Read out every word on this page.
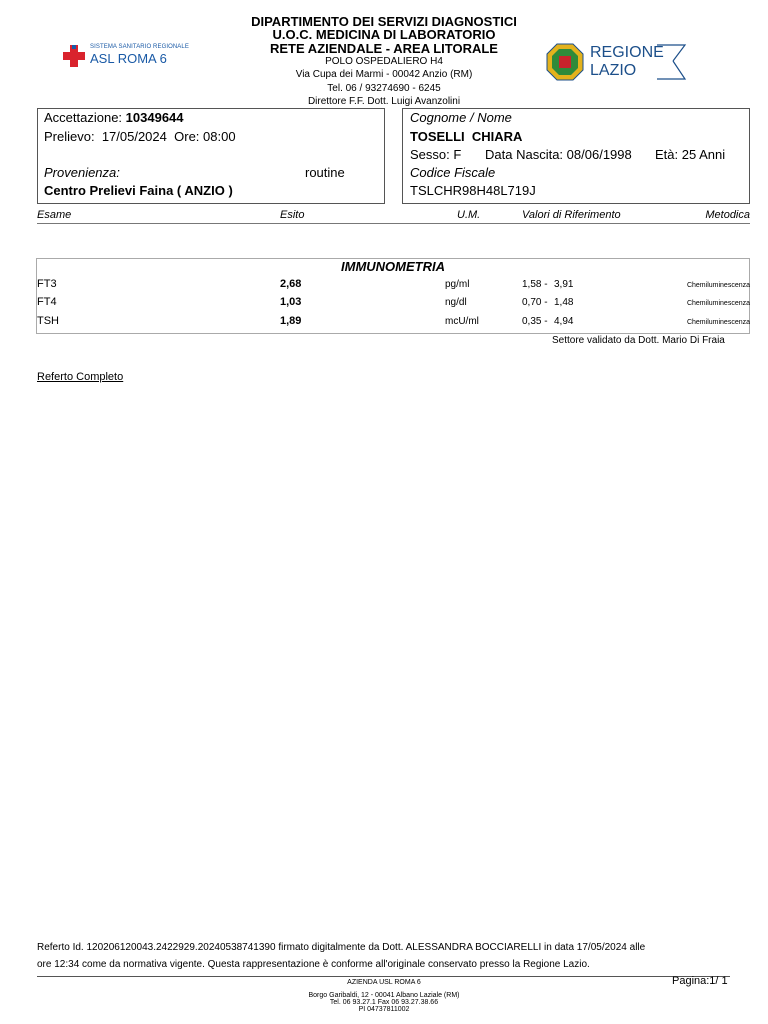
SISTEMA SANITARIO REGIONALE
ASL ROMA 6	REGIONE
LAZIO
DIPARTIMENTO DEI SERVIZI DIAGNOSTICI
U.O.C. MEDICINA DI LABORATORIO
RETE AZIENDALE - AREA LITORALE
POLO OSPEDALIERO H4
Via Cupa dei Marmi - 00042 Anzio (RM)
Tel. 06 / 93274690 - 6245
Direttore F.F. Dott. Luigi Avanzolini
Accettazione: 10349644
Prelievo: 17/05/2024 Ore: 08:00
Provenienza:	routine
Centro Prelievi Faina ( ANZIO )
Cognome / Nome
TOSELLI  CHIARA
Sesso: F Data Nascita: 08/06/1998 Età: 25 Anni
Codice Fiscale
TSLCHR98H48L719J
Esame	Esito	U.M.	Valori di Riferimento	Metodica
IMMUNOMETRIA
FT3	2,68	pg/ml	1,58 - 3,91	Chemiluminescenza
FT4	1,03	ng/dl	0,70 - 1,48	Chemiluminescenza
TSH	1,89	mcU/ml	0,35 - 4,94	Chemiluminescenza
Settore validato da Dott. Mario Di Fraia
Referto Completo
Referto Id. 120206120043.2422929.20240538741390 firmato digitalmente da Dott. ALESSANDRA BOCCIARELLI in data 17/05/2024 alle
ore 12:34 come da normativa vigente. Questa rappresentazione è conforme all'originale conservato presso la Regione Lazio.
AZIENDA USL ROMA 6	Pagina:1/ 1
Borgo Garibaldi, 12 - 00041 Albano Laziale (RM)
Tel. 06 93.27.1 Fax 06 93.27.38.66
PI 04737811002
